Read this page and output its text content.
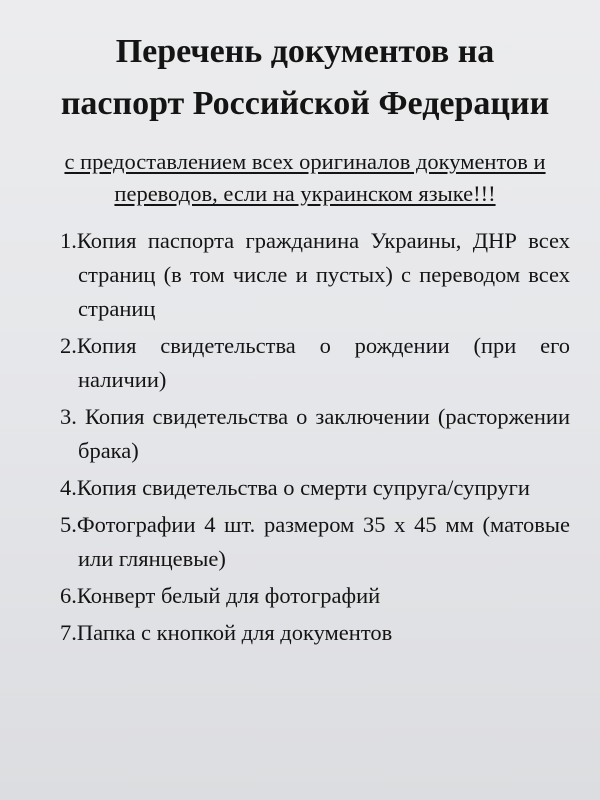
Перечень документов на паспорт Российской Федерации

с предоставлением всех оригиналов документов и переводов, если на украинском языке!!!

1.Копия паспорта гражданина Украины, ДНР всех страниц (в том числе и пустых) с переводом всех страниц
2.Копия свидетельства о рождении (при его наличии)
3. Копия свидетельства о заключении (расторжении брака)
4.Копия свидетельства о смерти супруга/супруги
5.Фотографии 4 шт. размером 35 х 45 мм (матовые или глянцевые)
6.Конверт белый для фотографий
7.Папка с кнопкой для документов
